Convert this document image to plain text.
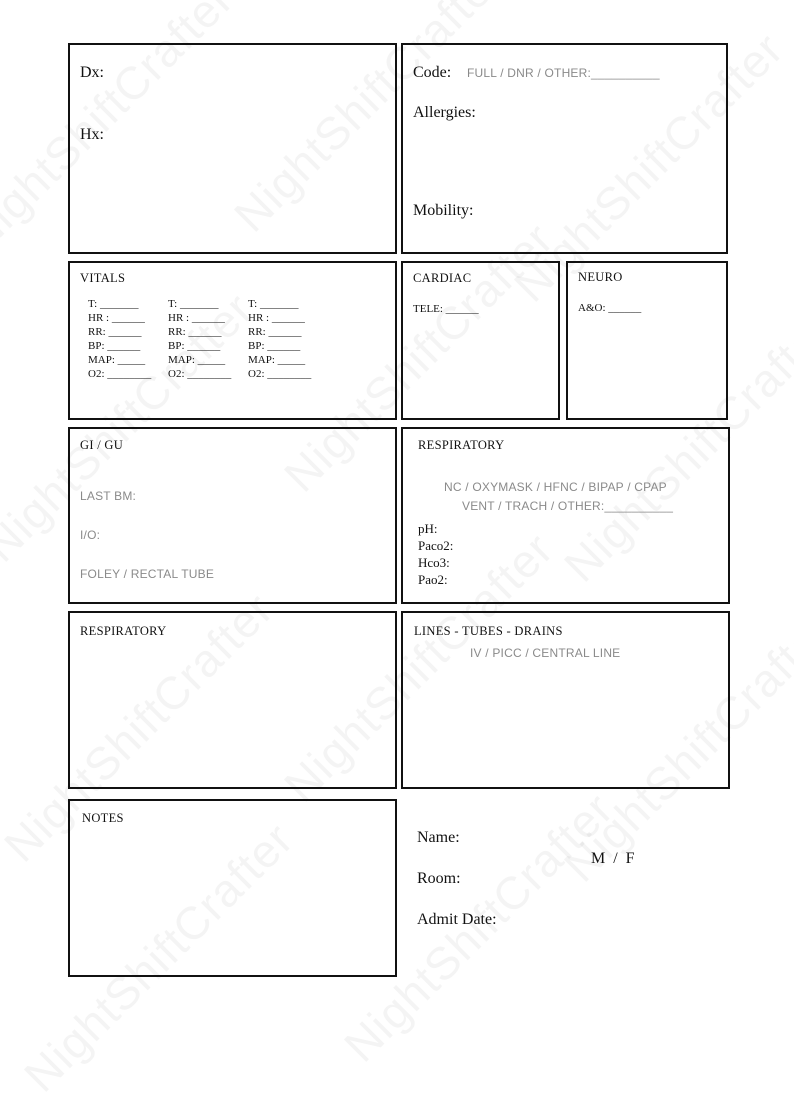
Dx:
Hx:
Code: FULL / DNR / OTHER:__________
Allergies:
Mobility:
VITALS
T: _______
HR : ______
RR: ______
BP: ______
MAP: _____
O2: ________
T: _______
HR : ______
RR: ______
BP: ______
MAP: _____
O2: ________
T: _______
HR : ______
RR: ______
BP: ______
MAP: _____
O2: ________
CARDIAC
TELE: ______
NEURO
A&O: ______
GI / GU
LAST BM:
I/O:
FOLEY / RECTAL TUBE
RESPIRATORY
NC / OXYMASK / HFNC / BIPAP / CPAP
VENT / TRACH / OTHER:__________
pH:
Paco2:
Hco3:
Pao2:
RESPIRATORY	LINES - TUBES - DRAINS
IV / PICC / CENTRAL LINE
NOTES
Name:
M  /  F
Room:
Admit Date:
